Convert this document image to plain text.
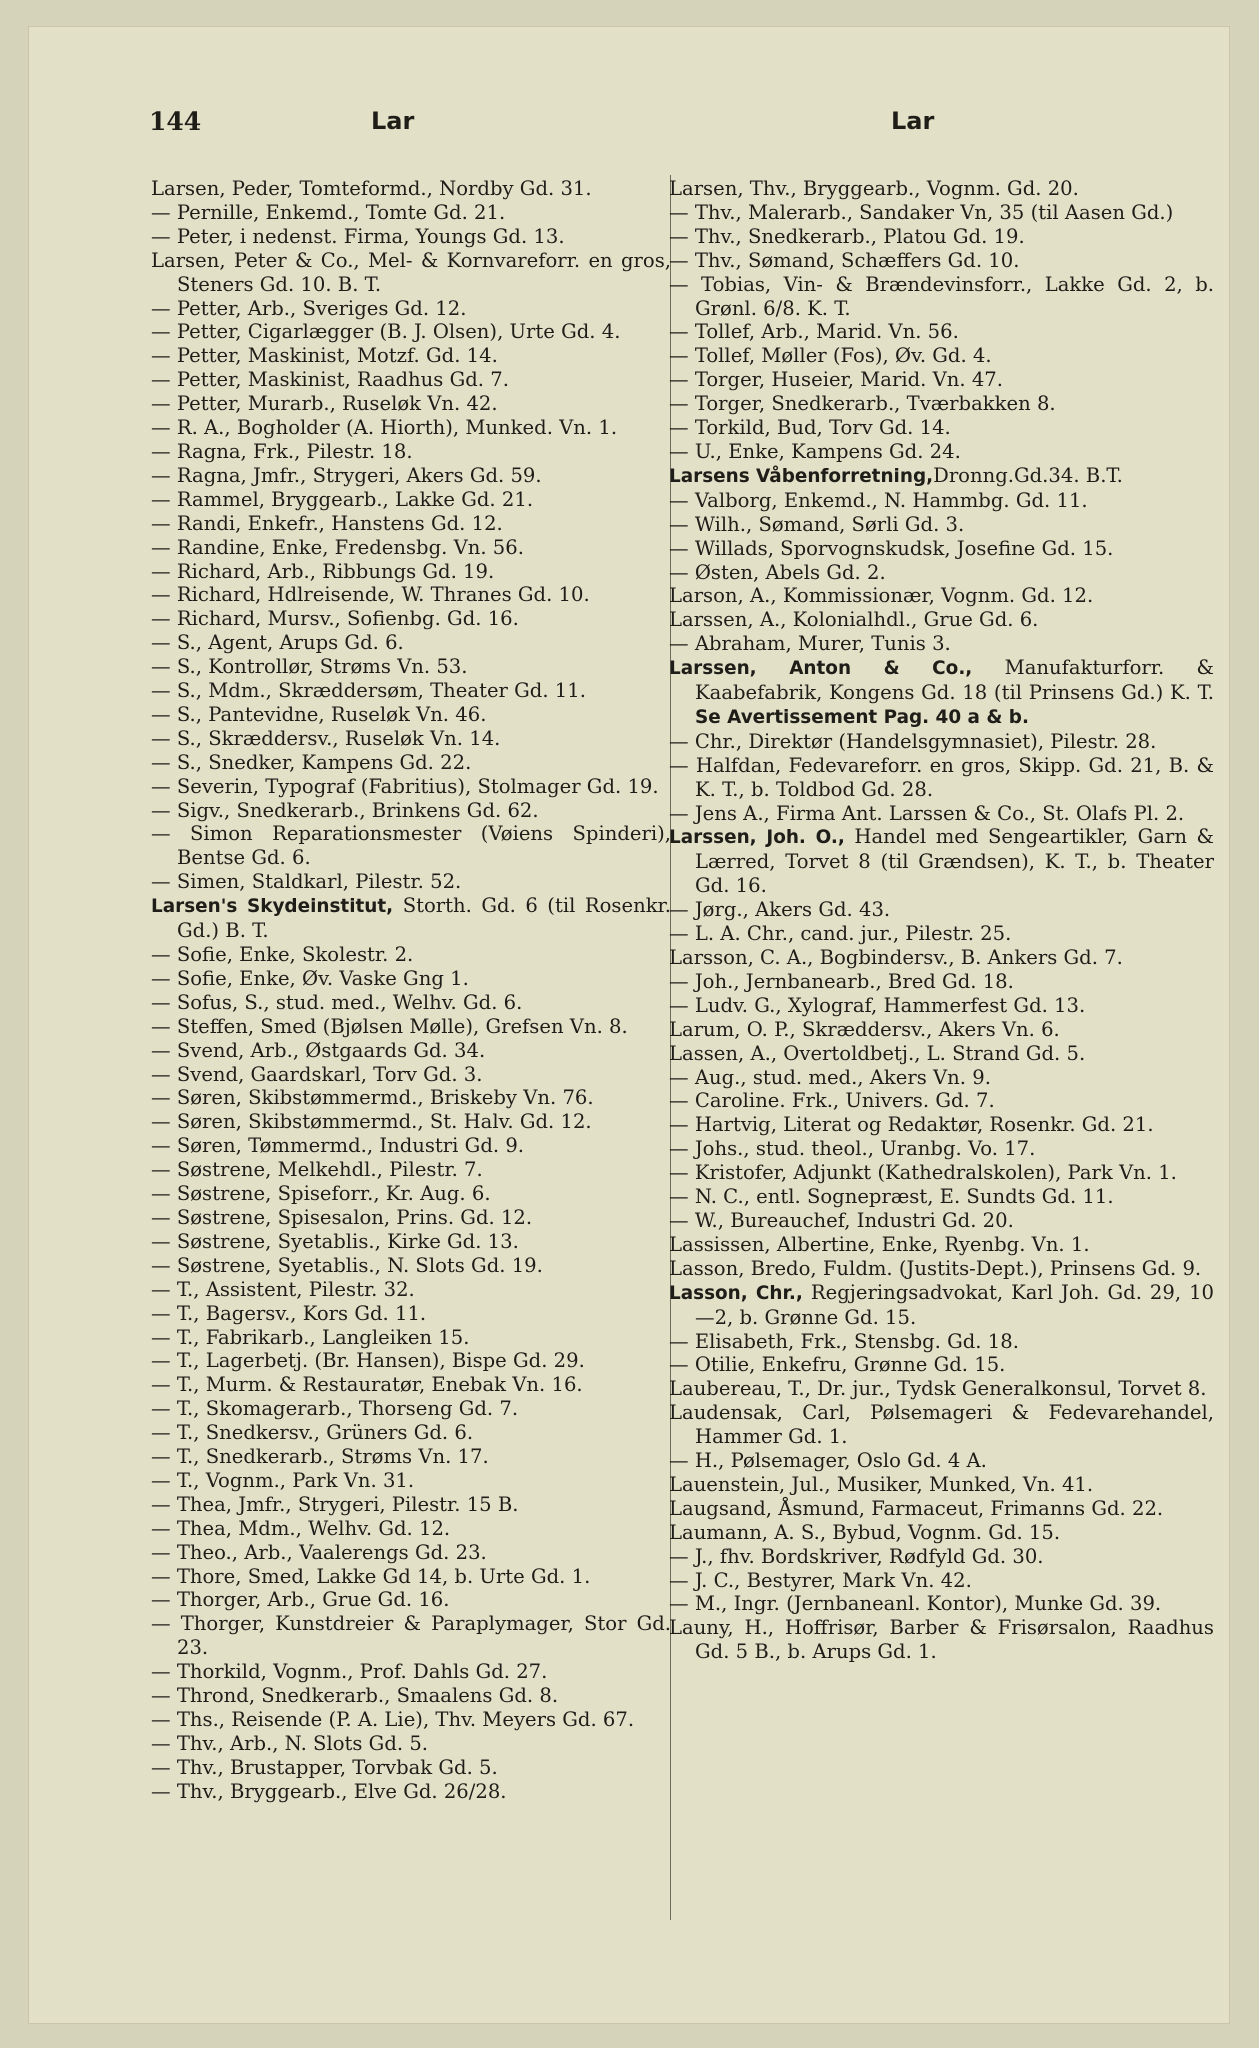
144	Lar	Lar
Larsen, Peder, Tomteformd., Nordby Gd. 31.
— Pernille, Enkemd., Tomte Gd. 21.
— Peter, i nedenst. Firma, Youngs Gd. 13.
Larsen, Peter & Co., Mel- & Kornvareforr. en gros, Steners Gd. 10. B. T.
— Petter, Arb., Sveriges Gd. 12.
— Petter, Cigarlægger (B. J. Olsen), Urte Gd. 4.
— Petter, Maskinist, Motzf. Gd. 14.
— Petter, Maskinist, Raadhus Gd. 7.
— Petter, Murarb., Ruseløk Vn. 42.
— R. A., Bogholder (A. Hiorth), Munked. Vn. 1.
— Ragna, Frk., Pilestr. 18.
— Ragna, Jmfr., Strygeri, Akers Gd. 59.
— Rammel, Bryggearb., Lakke Gd. 21.
— Randi, Enkefr., Hanstens Gd. 12.
— Randine, Enke, Fredensbg. Vn. 56.
— Richard, Arb., Ribbungs Gd. 19.
— Richard, Hdlreisende, W. Thranes Gd. 10.
— Richard, Mursv., Sofienbg. Gd. 16.
— S., Agent, Arups Gd. 6.
— S., Kontrollør, Strøms Vn. 53.
— S., Mdm., Skræddersøm, Theater Gd. 11.
— S., Pantevidne, Ruseløk Vn. 46.
— S., Skræddersv., Ruseløk Vn. 14.
— S., Snedker, Kampens Gd. 22.
— Severin, Typograf (Fabritius), Stolmager Gd. 19.
— Sigv., Snedkerarb., Brinkens Gd. 62.
— Simon Reparationsmester (Vøiens Spinderi), Bentse Gd. 6.
— Simen, Staldkarl, Pilestr. 52.
Larsen's Skydeinstitut, Storth. Gd. 6 (til Rosenkr. Gd.) B. T.
— Sofie, Enke, Skolestr. 2.
— Sofie, Enke, Øv. Vaske Gng 1.
— Sofus, S., stud. med., Welhv. Gd. 6.
— Steffen, Smed (Bjølsen Mølle), Grefsen Vn. 8.
— Svend, Arb., Østgaards Gd. 34.
— Svend, Gaardskarl, Torv Gd. 3.
— Søren, Skibstømmermd., Briskeby Vn. 76.
— Søren, Skibstømmermd., St. Halv. Gd. 12.
— Søren, Tømmermd., Industri Gd. 9.
— Søstrene, Melkehdl., Pilestr. 7.
— Søstrene, Spiseforr., Kr. Aug. 6.
— Søstrene, Spisesalon, Prins. Gd. 12.
— Søstrene, Syetablis., Kirke Gd. 13.
— Søstrene, Syetablis., N. Slots Gd. 19.
— T., Assistent, Pilestr. 32.
— T., Bagersv., Kors Gd. 11.
— T., Fabrikarb., Langleiken 15.
— T., Lagerbetj. (Br. Hansen), Bispe Gd. 29.
— T., Murm. & Restauratør, Enebak Vn. 16.
— T., Skomagerarb., Thorseng Gd. 7.
— T., Snedkersv., Grüners Gd. 6.
— T., Snedkerarb., Strøms Vn. 17.
— T., Vognm., Park Vn. 31.
— Thea, Jmfr., Strygeri, Pilestr. 15 B.
— Thea, Mdm., Welhv. Gd. 12.
— Theo., Arb., Vaalerengs Gd. 23.
— Thore, Smed, Lakke Gd 14, b. Urte Gd. 1.
— Thorger, Arb., Grue Gd. 16.
— Thorger, Kunstdreier & Paraplymager, Stor Gd. 23.
— Thorkild, Vognm., Prof. Dahls Gd. 27.
— Thrond, Snedkerarb., Smaalens Gd. 8.
— Ths., Reisende (P. A. Lie), Thv. Meyers Gd. 67.
— Thv., Arb., N. Slots Gd. 5.
— Thv., Brustapper, Torvbak Gd. 5.
— Thv., Bryggearb., Elve Gd. 26/28.
Larsen, Thv., Bryggearb., Vognm. Gd. 20.
— Thv., Malerarb., Sandaker Vn, 35 (til Aasen Gd.)
— Thv., Snedkerarb., Platou Gd. 19.
— Thv., Sømand, Schæffers Gd. 10.
— Tobias, Vin- & Brændevinsforr., Lakke Gd. 2, b. Grønl. 6/8. K. T.
— Tollef, Arb., Marid. Vn. 56.
— Tollef, Møller (Fos), Øv. Gd. 4.
— Torger, Huseier, Marid. Vn. 47.
— Torger, Snedkerarb., Tværbakken 8.
— Torkild, Bud, Torv Gd. 14.
— U., Enke, Kampens Gd. 24.
Larsens Våbenforretning,Dronng.Gd.34. B.T.
— Valborg, Enkemd., N. Hammbg. Gd. 11.
— Wilh., Sømand, Sørli Gd. 3.
— Willads, Sporvognskudsk, Josefine Gd. 15.
— Østen, Abels Gd. 2.
Larson, A., Kommissionær, Vognm. Gd. 12.
Larssen, A., Kolonialhdl., Grue Gd. 6.
— Abraham, Murer, Tunis 3.
Larssen, Anton & Co., Manufakturforr. & Kaabefabrik, Kongens Gd. 18 (til Prinsens Gd.) K. T. Se Avertissement Pag. 40 a & b.
— Chr., Direktør (Handelsgymnasiet), Pilestr. 28.
— Halfdan, Fedevareforr. en gros, Skipp. Gd. 21, B. & K. T., b. Toldbod Gd. 28.
— Jens A., Firma Ant. Larssen & Co., St. Olafs Pl. 2.
Larssen, Joh. O., Handel med Sengeartikler, Garn & Lærred, Torvet 8 (til Grændsen), K. T., b. Theater Gd. 16.
— Jørg., Akers Gd. 43.
— L. A. Chr., cand. jur., Pilestr. 25.
Larsson, C. A., Bogbindersv., B. Ankers Gd. 7.
— Joh., Jernbanearb., Bred Gd. 18.
— Ludv. G., Xylograf, Hammerfest Gd. 13.
Larum, O. P., Skræddersv., Akers Vn. 6.
Lassen, A., Overtoldbetj., L. Strand Gd. 5.
— Aug., stud. med., Akers Vn. 9.
— Caroline. Frk., Univers. Gd. 7.
— Hartvig, Literat og Redaktør, Rosenkr. Gd. 21.
— Johs., stud. theol., Uranbg. Vo. 17.
— Kristofer, Adjunkt (Kathedralskolen), Park Vn. 1.
— N. C., entl. Sognepræst, E. Sundts Gd. 11.
— W., Bureauchef, Industri Gd. 20.
Lassissen, Albertine, Enke, Ryenbg. Vn. 1.
Lasson, Bredo, Fuldm. (Justits-Dept.), Prinsens Gd. 9.
Lasson, Chr., Regjeringsadvokat, Karl Joh. Gd. 29, 10—2, b. Grønne Gd. 15.
— Elisabeth, Frk., Stensbg. Gd. 18.
— Otilie, Enkefru, Grønne Gd. 15.
Laubereau, T., Dr. jur., Tydsk Generalkonsul, Torvet 8.
Laudensak, Carl, Pølsemageri & Fedevarehandel, Hammer Gd. 1.
— H., Pølsemager, Oslo Gd. 4 A.
Lauenstein, Jul., Musiker, Munked, Vn. 41.
Laugsand, Åsmund, Farmaceut, Frimanns Gd. 22.
Laumann, A. S., Bybud, Vognm. Gd. 15.
— J., fhv. Bordskriver, Rødfyld Gd. 30.
— J. C., Bestyrer, Mark Vn. 42.
— M., Ingr. (Jernbaneanl. Kontor), Munke Gd. 39.
Launy, H., Hoffrisør, Barber & Frisørsalon, Raadhus Gd. 5 B., b. Arups Gd. 1.
